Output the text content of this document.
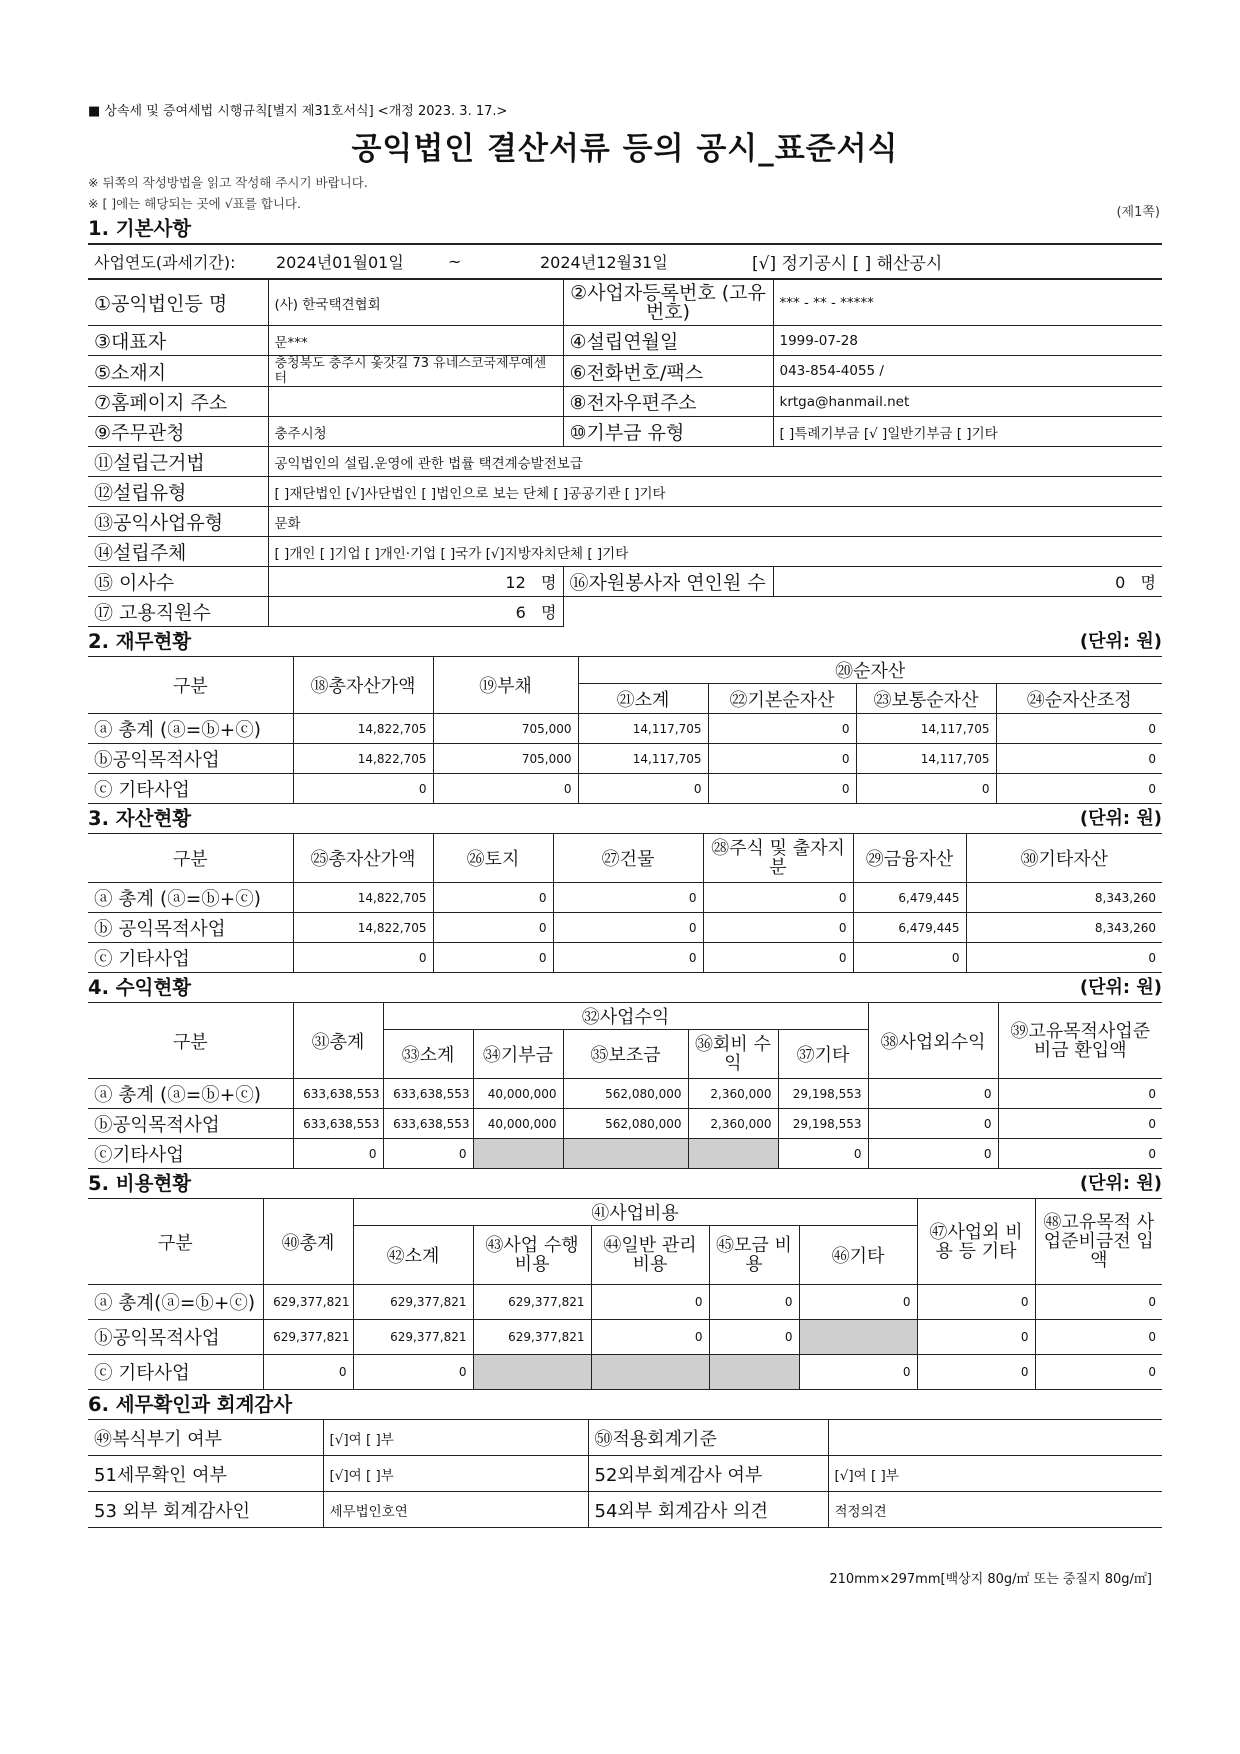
■ 상속세 및 증여세법 시행규칙[별지 제31호서식] <개정 2023. 3. 17.>
공익법인 결산서류 등의 공시_표준서식
※ 뒤쪽의 작성방법을 읽고 작성해 주시기 바랍니다.
※ [ ]에는 해당되는 곳에 √표를 합니다.
(제1쪽)
1. 기본사항
사업연도(과세기간):	2024년01월01일	~	2024년12월31일	[√] 정기공시 [ ] 해산공시
①공익법인등 명	(사) 한국택견협회	②사업자등록번호 (고유번호)	*** - ** - *****
③대표자	문***	④설립연월일	1999-07-28
⑤소재지	충청북도 충주시 옻갓길 73 유네스코국제무예센터	⑥전화번호/팩스	043-854-4055 /
⑦홈페이지 주소		⑧전자우편주소	krtga@hanmail.net
⑨주무관청	충주시청	⑩기부금 유형	[ ]특례기부금 [√ ]일반기부금 [ ]기타
⑪설립근거법	공익법인의 설립.운영에 관한 법률 택견계승발전보급		
⑫설립유형	[ ]재단법인 [√]사단법인 [ ]법인으로 보는 단체 [ ]공공기관 [ ]기타		
⑬공익사업유형	문화		
⑭설립주체	[ ]개인 [ ]기업 [ ]개인·기업 [ ]국가 [√]지방자치단체 [ ]기타		
⑮ 이사수	12 명	⑯자원봉사자 연인원 수	0 명
⑰ 고용직원수	6 명		
2. 재무현황	(단위: 원)
구분	⑱총자산가액	⑲부채	⑳순자산			
			㉑소계	㉒기본순자산	㉓보통순자산	㉔순자산조정
ⓐ 총계 (ⓐ=ⓑ+ⓒ)	14,822,705	705,000	14,117,705	0	14,117,705	0
ⓑ공익목적사업	14,822,705	705,000	14,117,705	0	14,117,705	0
ⓒ 기타사업	0	0	0	0	0	0
3. 자산현황	(단위: 원)
구분	㉕총자산가액	㉖토지	㉗건물	㉘주식 및 출자지분	㉙금융자산	㉚기타자산
ⓐ 총계 (ⓐ=ⓑ+ⓒ)	14,822,705	0	0	0	6,479,445	8,343,260
ⓑ 공익목적사업	14,822,705	0	0	0	6,479,445	8,343,260
ⓒ 기타사업	0	0	0	0	0	0
4. 수익현황	(단위: 원)
구분	㉛총계	㉜사업수익					㊳사업외수익	㊴고유목적사업준비금 환입액
		㉝소계	㉞기부금	㉟보조금	㊱회비 수익	㊲기타		
ⓐ 총계 (ⓐ=ⓑ+ⓒ)	633,638,553	633,638,553	40,000,000	562,080,000	2,360,000	29,198,553	0	0
ⓑ공익목적사업	633,638,553	633,638,553	40,000,000	562,080,000	2,360,000	29,198,553	0	0
ⓒ기타사업	0	0				0	0	0
5. 비용현황	(단위: 원)
구분	㊵총계	㊶사업비용					㊼사업외 비용 등 기타	㊽고유목적 사업준비금전 입액
		㊷소계	㊸사업 수행비용	㊹일반 관리비용	㊺모금 비용	㊻기타		
ⓐ 총계(ⓐ=ⓑ+ⓒ)	629,377,821	629,377,821	629,377,821	0	0	0	0	0
ⓑ공익목적사업	629,377,821	629,377,821	629,377,821	0	0		0	0
ⓒ 기타사업	0	0				0	0	0
6. 세무확인과 회계감사
㊾복식부기 여부	[√]여 [ ]부	㊿적용회계기준	
51세무확인 여부	[√]여 [ ]부	52외부회계감사 여부	[√]여 [ ]부
53 외부 회계감사인	세무법인호연	54외부 회계감사 의견	적정의견
210mm×297mm[백상지 80g/㎡ 또는 중질지 80g/㎡]
